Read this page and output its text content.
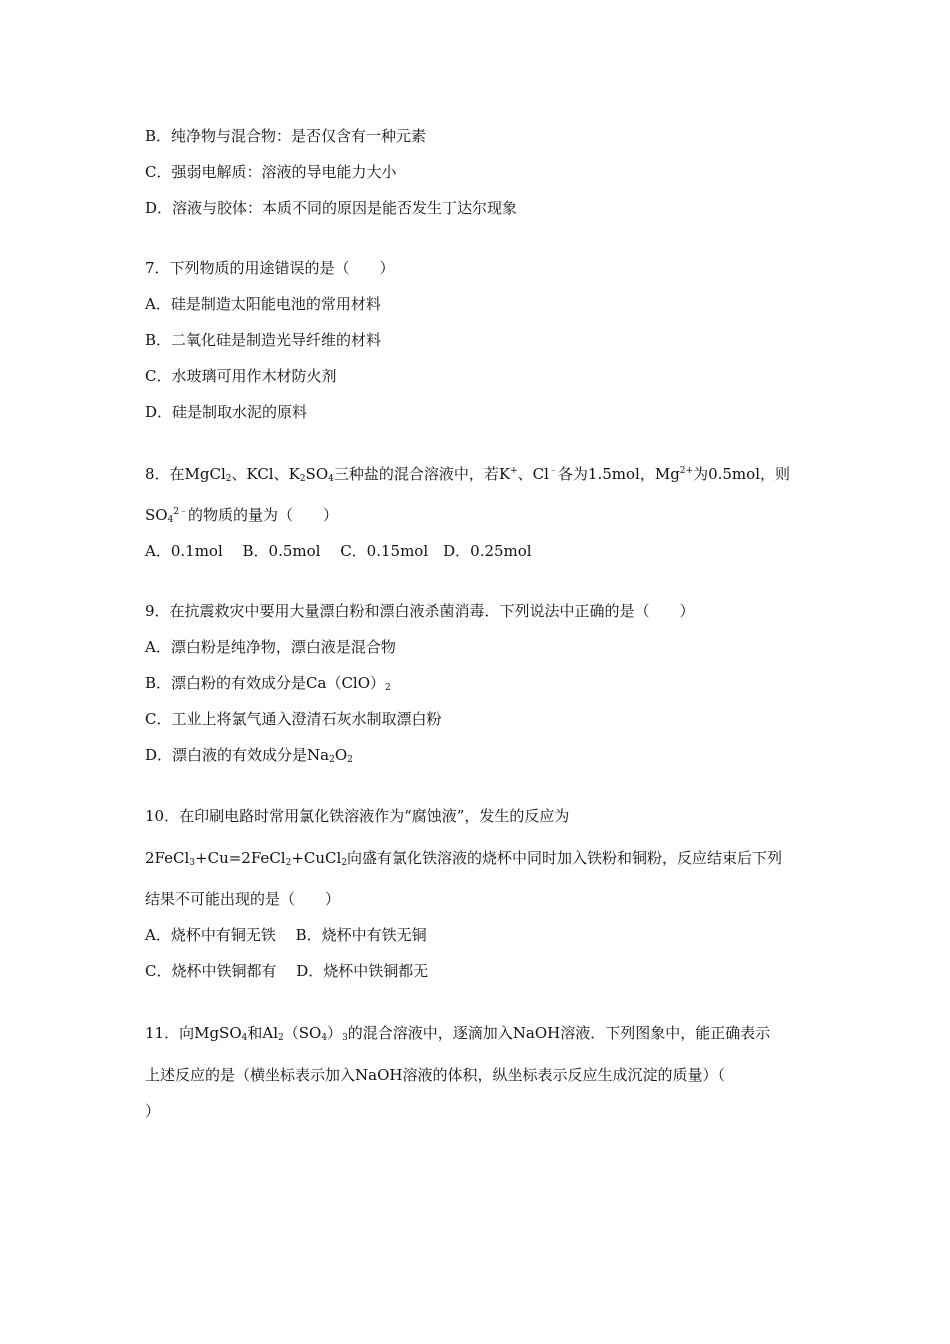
B．纯净物与混合物：是否仅含有一种元素
C．强弱电解质：溶液的导电能力大小
D．溶液与胶体：本质不同的原因是能否发生丁达尔现象
7．下列物质的用途错误的是（　　）
A．硅是制造太阳能电池的常用材料
B．二氧化硅是制造光导纤维的材料
C．水玻璃可用作木材防火剂
D．硅是制取水泥的原料
8．在MgCl$_2$、KCl、$K_2SO_4$三种盐的混合溶液中，若K+、Cl﹣各为1.5mol，$Mg^{2+}$为0.5mol，则
$SO_4^{2﹣}$的物质的量为（　　）
A．0.1mol　 B．0.5mol　 C．0.15mol　D．0.25mol
9．在抗震救灾中要用大量漂白粉和漂白液杀菌消毒．下列说法中正确的是（　　）
A．漂白粉是纯净物，漂白液是混合物
B．漂白粉的有效成分是$Ca(ClO)_2$
C．工业上将氯气通入澄清石灰水制取漂白粉
D．漂白液的有效成分是$Na_2O_2$
10．在印刷电路时常用氯化铁溶液作为“腐蚀液”，发生的反应为
2FeCl$_3$+Cu=2FeCl$_2$+CuCl$_2$向盛有氯化铁溶液的烧杯中同时加入铁粉和铜粉，反应结束后下列
结果不可能出现的是（　　）
A．烧杯中有铜无铁　 B．烧杯中有铁无铜
C．烧杯中铁铜都有　 D．烧杯中铁铜都无
11．向MgSO$_4$和$Al_2(SO_4)_3$的混合溶液中，逐滴加入NaOH溶液．下列图象中，能正确表示
上述反应的是（横坐标表示加入NaOH溶液的体积，纵坐标表示反应生成沉淀的质量）（
）
